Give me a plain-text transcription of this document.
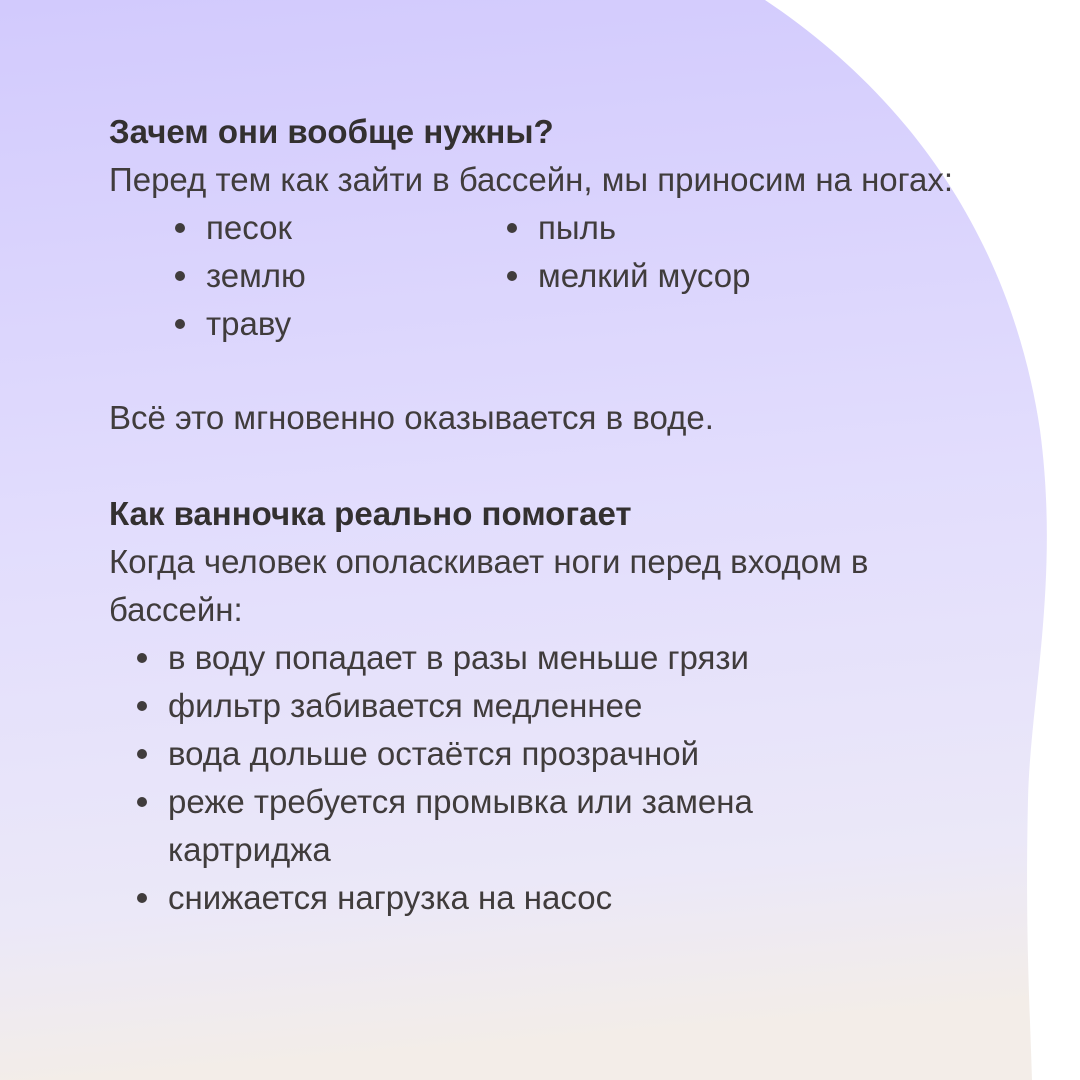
Зачем они вообще нужны?

Перед тем как зайти в бассейн, мы приносим на ногах:

песок
землю
траву
пыль
мелкий мусор

Всё это мгновенно оказывается в воде.

Как ванночка реально помогает

Когда человек ополаскивает ноги перед входом в бассейн:

в воду попадает в разы меньше грязи
фильтр забивается медленнее
вода дольше остаётся прозрачной
реже требуется промывка или замена картриджа
снижается нагрузка на насос
